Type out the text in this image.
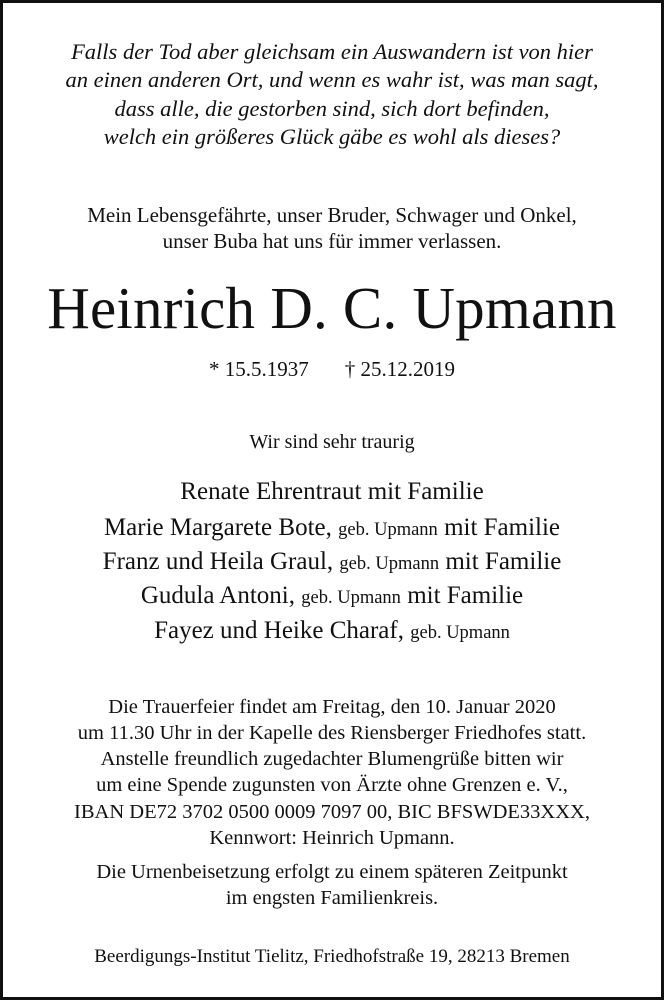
Falls der Tod aber gleichsam ein Auswandern ist von hier
an einen anderen Ort, und wenn es wahr ist, was man sagt,
dass alle, die gestorben sind, sich dort befinden,
welch ein größeres Glück gäbe es wohl als dieses?
Mein Lebensgefährte, unser Bruder, Schwager und Onkel,
unser Buba hat uns für immer verlassen.
Heinrich D. C. Upmann
* 15.5.1937 † 25.12.2019
Wir sind sehr traurig
Renate Ehrentraut mit Familie
Marie Margarete Bote, geb. Upmann mit Familie
Franz und Heila Graul, geb. Upmann mit Familie
Gudula Antoni, geb. Upmann mit Familie
Fayez und Heike Charaf, geb. Upmann
Die Trauerfeier findet am Freitag, den 10. Januar 2020
um 11.30 Uhr in der Kapelle des Riensberger Friedhofes statt.
Anstelle freundlich zugedachter Blumengrüße bitten wir
um eine Spende zugunsten von Ärzte ohne Grenzen e. V.,
IBAN DE72 3702 0500 0009 7097 00, BIC BFSWDE33XXX,
Kennwort: Heinrich Upmann.
Die Urnenbeisetzung erfolgt zu einem späteren Zeitpunkt
im engsten Familienkreis.
Beerdigungs-Institut Tielitz, Friedhofstraße 19, 28213 Bremen
